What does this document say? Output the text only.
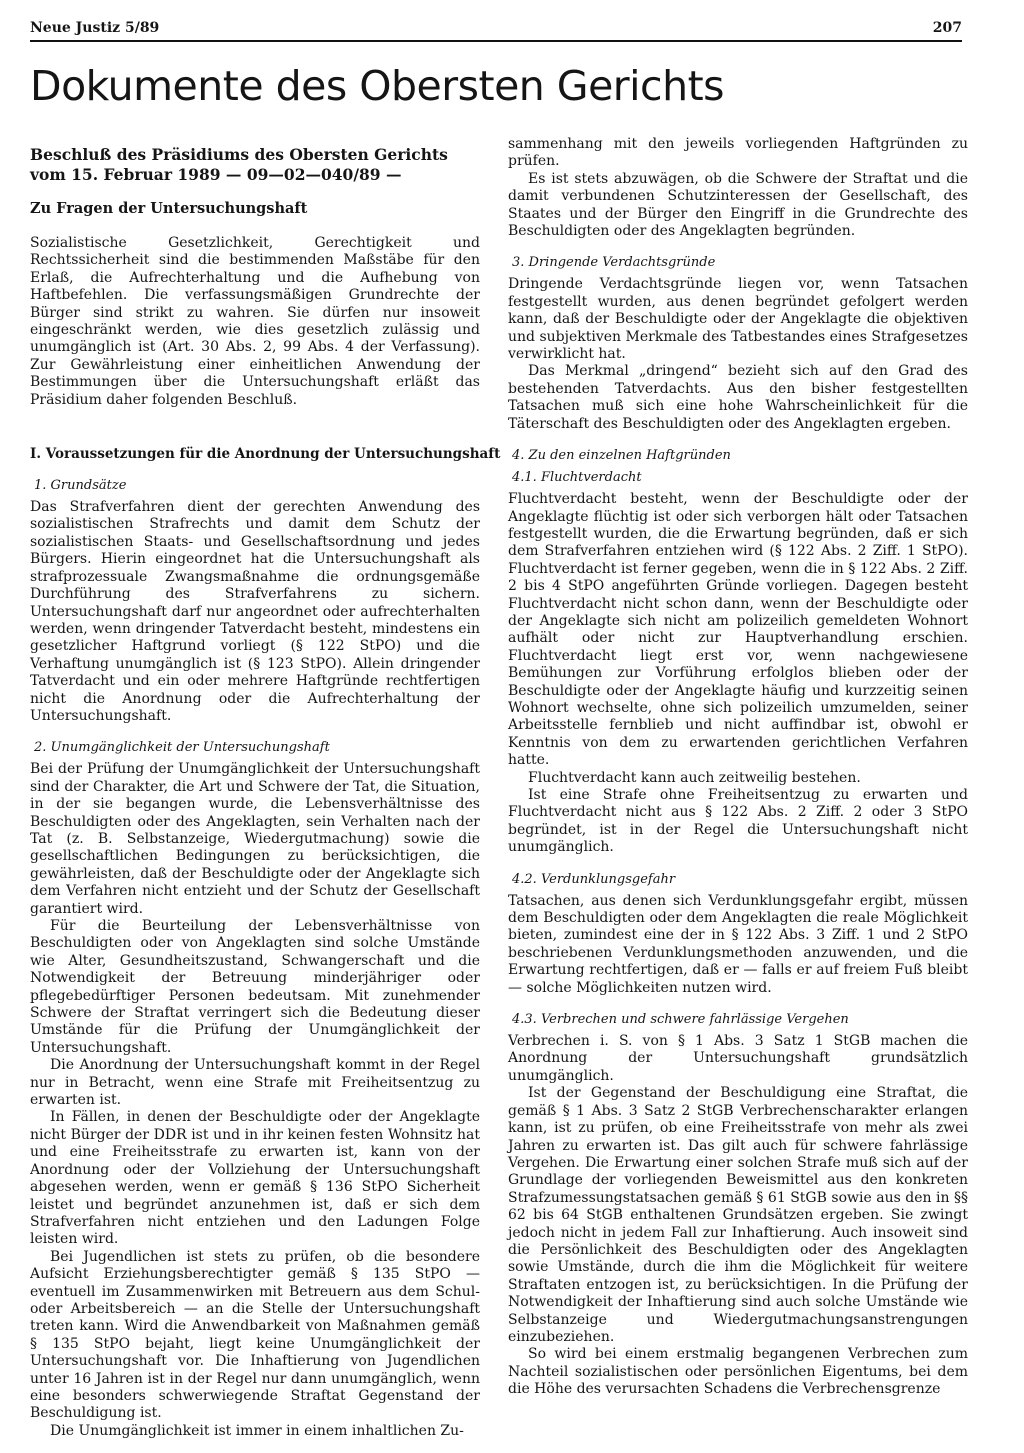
Neue Justiz 5/89	207
Dokumente des Obersten Gerichts
Beschluß des Präsidiums des Obersten Gerichts
vom 15. Februar 1989 — 09—02—040/89 —
Zu Fragen der Untersuchungshaft

Sozialistische Gesetzlichkeit, Gerechtigkeit und Rechtssicherheit sind die bestimmenden Maßstäbe für den Erlaß, die Aufrechterhaltung und die Aufhebung von Haftbefehlen. Die verfassungsmäßigen Grundrechte der Bürger sind strikt zu wahren. Sie dürfen nur insoweit eingeschränkt werden, wie dies gesetzlich zulässig und unumgänglich ist (Art. 30 Abs. 2, 99 Abs. 4 der Verfassung). Zur Gewährleistung einer einheitlichen Anwendung der Bestimmungen über die Untersuchungshaft erläßt das Präsidium daher folgenden Beschluß.

I. Voraussetzungen für die Anordnung der Untersuchungshaft
1. Grundsätze

Das Strafverfahren dient der gerechten Anwendung des sozialistischen Strafrechts und damit dem Schutz der sozialistischen Staats- und Gesellschaftsordnung und jedes Bürgers. Hierin eingeordnet hat die Untersuchungshaft als strafprozessuale Zwangsmaßnahme die ordnungsgemäße Durchführung des Strafverfahrens zu sichern. Untersuchungshaft darf nur angeordnet oder aufrechterhalten werden, wenn dringender Tatverdacht besteht, mindestens ein gesetzlicher Haftgrund vorliegt (§ 122 StPO) und die Verhaftung unumgänglich ist (§ 123 StPO). Allein dringender Tatverdacht und ein oder mehrere Haftgründe rechtfertigen nicht die Anordnung oder die Aufrechterhaltung der Untersuchungshaft.

2. Unumgänglichkeit der Untersuchungshaft

Bei der Prüfung der Unumgänglichkeit der Untersuchungshaft sind der Charakter, die Art und Schwere der Tat, die Situation, in der sie begangen wurde, die Lebensverhältnisse des Beschuldigten oder des Angeklagten, sein Verhalten nach der Tat (z. B. Selbstanzeige, Wiedergutmachung) sowie die gesellschaftlichen Bedingungen zu berücksichtigen, die gewährleisten, daß der Beschuldigte oder der Angeklagte sich dem Verfahren nicht entzieht und der Schutz der Gesellschaft garantiert wird.

Für die Beurteilung der Lebensverhältnisse von Beschuldigten oder von Angeklagten sind solche Umstände wie Alter, Gesundheitszustand, Schwangerschaft und die Notwendigkeit der Betreuung minderjähriger oder pflegebedürftiger Personen bedeutsam. Mit zunehmender Schwere der Straftat verringert sich die Bedeutung dieser Umstände für die Prüfung der Unumgänglichkeit der Untersuchungshaft.

Die Anordnung der Untersuchungshaft kommt in der Regel nur in Betracht, wenn eine Strafe mit Freiheitsentzug zu erwarten ist.

In Fällen, in denen der Beschuldigte oder der Angeklagte nicht Bürger der DDR ist und in ihr keinen festen Wohnsitz hat und eine Freiheitsstrafe zu erwarten ist, kann von der Anordnung oder der Vollziehung der Untersuchungshaft abgesehen werden, wenn er gemäß § 136 StPO Sicherheit leistet und begründet anzunehmen ist, daß er sich dem Strafverfahren nicht entziehen und den Ladungen Folge leisten wird.

Bei Jugendlichen ist stets zu prüfen, ob die besondere Aufsicht Erziehungsberechtigter gemäß § 135 StPO — eventuell im Zusammenwirken mit Betreuern aus dem Schul- oder Arbeitsbereich — an die Stelle der Untersuchungshaft treten kann. Wird die Anwendbarkeit von Maßnahmen gemäß § 135 StPO bejaht, liegt keine Unumgänglichkeit der Untersuchungshaft vor. Die Inhaftierung von Jugendlichen unter 16 Jahren ist in der Regel nur dann unumgänglich, wenn eine besonders schwerwiegende Straftat Gegenstand der Beschuldigung ist.

Die Unumgänglichkeit ist immer in einem inhaltlichen Zu-

sammenhang mit den jeweils vorliegenden Haftgründen zu prüfen.

Es ist stets abzuwägen, ob die Schwere der Straftat und die damit verbundenen Schutzinteressen der Gesellschaft, des Staates und der Bürger den Eingriff in die Grundrechte des Beschuldigten oder des Angeklagten begründen.

3. Dringende Verdachtsgründe

Dringende Verdachtsgründe liegen vor, wenn Tatsachen festgestellt wurden, aus denen begründet gefolgert werden kann, daß der Beschuldigte oder der Angeklagte die objektiven und subjektiven Merkmale des Tatbestandes eines Strafgesetzes verwirklicht hat.

Das Merkmal „dringend“ bezieht sich auf den Grad des bestehenden Tatverdachts. Aus den bisher festgestellten Tatsachen muß sich eine hohe Wahrscheinlichkeit für die Täterschaft des Beschuldigten oder des Angeklagten ergeben.

4. Zu den einzelnen Haftgründen
4.1. Fluchtverdacht

Fluchtverdacht besteht, wenn der Beschuldigte oder der Angeklagte flüchtig ist oder sich verborgen hält oder Tatsachen festgestellt wurden, die die Erwartung begründen, daß er sich dem Strafverfahren entziehen wird (§ 122 Abs. 2 Ziff. 1 StPO). Fluchtverdacht ist ferner gegeben, wenn die in § 122 Abs. 2 Ziff. 2 bis 4 StPO angeführten Gründe vorliegen. Dagegen besteht Fluchtverdacht nicht schon dann, wenn der Beschuldigte oder der Angeklagte sich nicht am polizeilich gemeldeten Wohnort aufhält oder nicht zur Hauptverhandlung erschien. Fluchtverdacht liegt erst vor, wenn nachgewiesene Bemühungen zur Vorführung erfolglos blieben oder der Beschuldigte oder der Angeklagte häufig und kurzzeitig seinen Wohnort wechselte, ohne sich polizeilich umzumelden, seiner Arbeitsstelle fernblieb und nicht auffindbar ist, obwohl er Kenntnis von dem zu erwartenden gerichtlichen Verfahren hatte.

Fluchtverdacht kann auch zeitweilig bestehen.

Ist eine Strafe ohne Freiheitsentzug zu erwarten und Fluchtverdacht nicht aus § 122 Abs. 2 Ziff. 2 oder 3 StPO begründet, ist in der Regel die Untersuchungshaft nicht unumgänglich.

4.2. Verdunklungsgefahr

Tatsachen, aus denen sich Verdunklungsgefahr ergibt, müssen dem Beschuldigten oder dem Angeklagten die reale Möglichkeit bieten, zumindest eine der in § 122 Abs. 3 Ziff. 1 und 2 StPO beschriebenen Verdunklungsmethoden anzuwenden, und die Erwartung rechtfertigen, daß er — falls er auf freiem Fuß bleibt — solche Möglichkeiten nutzen wird.

4.3. Verbrechen und schwere fahrlässige Vergehen

Verbrechen i. S. von § 1 Abs. 3 Satz 1 StGB machen die Anordnung der Untersuchungshaft grundsätzlich unumgänglich.

Ist der Gegenstand der Beschuldigung eine Straftat, die gemäß § 1 Abs. 3 Satz 2 StGB Verbrechenscharakter erlangen kann, ist zu prüfen, ob eine Freiheitsstrafe von mehr als zwei Jahren zu erwarten ist. Das gilt auch für schwere fahrlässige Vergehen. Die Erwartung einer solchen Strafe muß sich auf der Grundlage der vorliegenden Beweismittel aus den konkreten Strafzumessungstatsachen gemäß § 61 StGB sowie aus den in §§ 62 bis 64 StGB enthaltenen Grundsätzen ergeben. Sie zwingt jedoch nicht in jedem Fall zur Inhaftierung. Auch insoweit sind die Persönlichkeit des Beschuldigten oder des Angeklagten sowie Umstände, durch die ihm die Möglichkeit für weitere Straftaten entzogen ist, zu berücksichtigen. In die Prüfung der Notwendigkeit der Inhaftierung sind auch solche Umstände wie Selbstanzeige und Wiedergutmachungsanstrengungen einzubeziehen.

So wird bei einem erstmalig begangenen Verbrechen zum Nachteil sozialistischen oder persönlichen Eigentums, bei dem die Höhe des verursachten Schadens die Verbrechensgrenze
